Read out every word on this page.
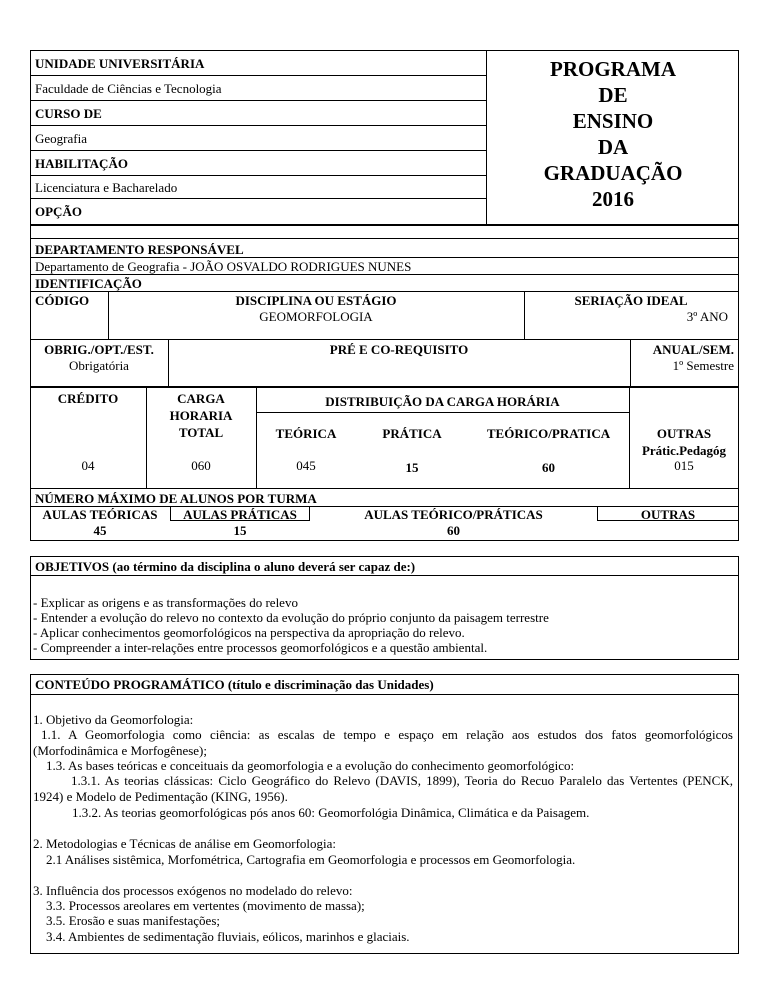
UNIDADE UNIVERSITÁRIA
Faculdade de Ciências e Tecnologia
CURSO DE
Geografia
HABILITAÇÃO
Licenciatura e Bacharelado
OPÇÃO
PROGRAMA
DE
ENSINO
DA
GRADUAÇÃO
2016
DEPARTAMENTO RESPONSÁVEL
Departamento de Geografia - JOÃO OSVALDO RODRIGUES NUNES
IDENTIFICAÇÃO
CÓDIGO	DISCIPLINA OU ESTÁGIO
GEOMORFOLOGIA
SERIAÇÃO IDEAL
3º ANO
OBRIG./OPT./EST.
Obrigatória
PRÉ E CO-REQUISITO	ANUAL/SEM.
1º Semestre
CRÉDITO
04
CARGA
HORARIA
TOTAL
060
DISTRIBUIÇÃO DA CARGA HORÁRIA
TEÓRICA
045
PRÁTICA
15
TEÓRICO/PRATICA
60
OUTRAS
Prátic.Pedagóg
015
NÚMERO MÁXIMO DE ALUNOS POR TURMA
AULAS TEÓRICAS
45
AULAS PRÁTICAS
15
AULAS TEÓRICO/PRÁTICAS
60
OUTRAS
OBJETIVOS (ao término da disciplina o aluno deverá ser capaz de:)
- Explicar as origens e as transformações do relevo
- Entender a evolução do relevo no contexto da evolução do próprio conjunto da paisagem terrestre
- Aplicar conhecimentos geomorfológicos na perspectiva da apropriação do relevo.
- Compreender a inter-relações entre processos geomorfológicos e a questão ambiental.
CONTEÚDO PROGRAMÁTICO (título e discriminação das Unidades)
1. Objetivo da Geomorfologia:
1.1. A Geomorfologia como ciência: as escalas de tempo e espaço em relação aos estudos dos fatos geomorfológicos (Morfodinâmica e Morfogênese);
1.3. As bases teóricas e conceituais da geomorfologia e a evolução do conhecimento geomorfológico:
1.3.1. As teorias clássicas: Ciclo Geográfico do Relevo (DAVIS, 1899), Teoria do Recuo Paralelo das Vertentes (PENCK, 1924) e Modelo de Pedimentação (KING, 1956).
1.3.2. As teorias geomorfológicas pós anos 60: Geomorfológia Dinâmica, Climática e da Paisagem.
2. Metodologias e Técnicas de análise em Geomorfologia:
2.1 Análises sistêmica, Morfométrica, Cartografia em Geomorfologia e processos em Geomorfologia.
3. Influência dos processos exógenos no modelado do relevo:
3.3. Processos areolares em vertentes (movimento de massa);
3.5. Erosão e suas manifestações;
3.4. Ambientes de sedimentação fluviais, eólicos, marinhos e glaciais.
